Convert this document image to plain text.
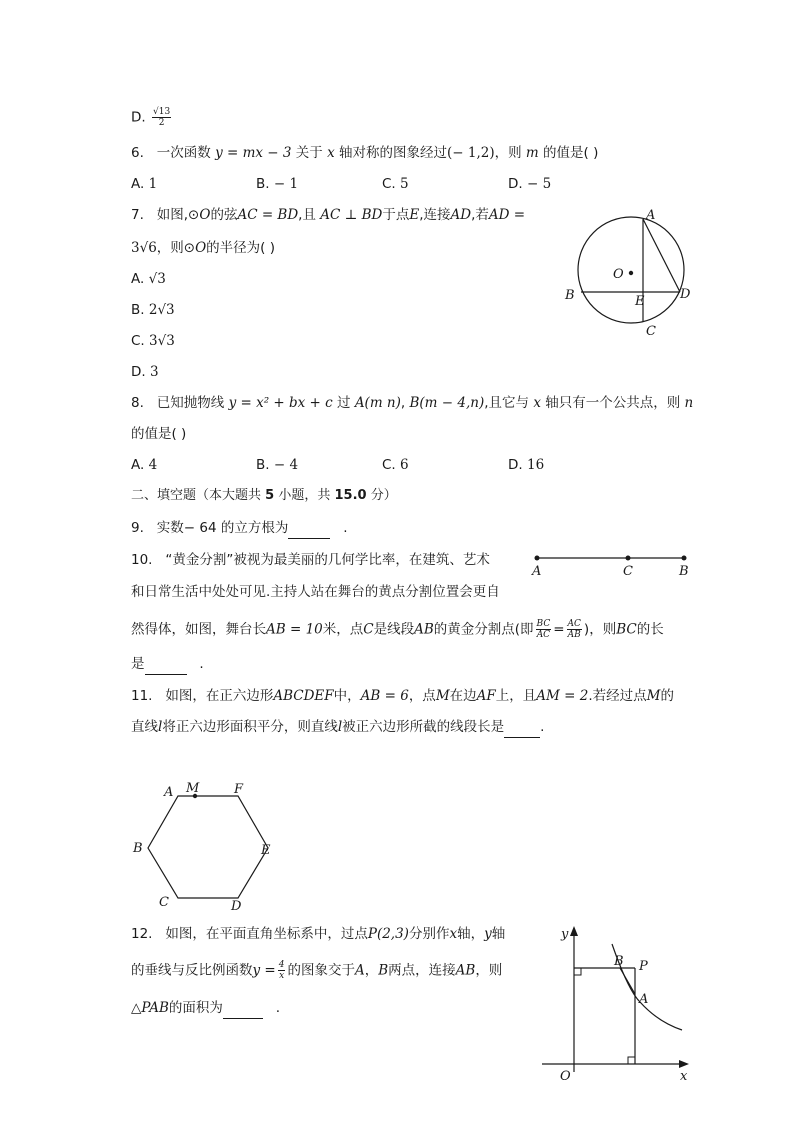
D. $\frac{√13}{2}$
6. 一次函数 y = mx − 3 关于 x 轴对称的图象经过(− 1,2)，则 m 的值是( )
A. 1	B. − 1	C. 5	D. − 5
7. 如图,⊙O的弦AC = BD,且 AC ⊥ BD于点E,连接AD,若AD =
3√6，则⊙O的半径为( )
A. √3
B. 2√3
C. 3√3
D. 3
A
B
C
D
E
O
8. 已知抛物线 y = x² + bx + c 过 A(m n), B(m − 4,n),且它与 x 轴只有一个公共点，则 n
的值是( )
A. 4	B. − 4	C. 6	D. 16
二、填空题（本大题共 5 小题，共 15.0 分）
9. 实数− 64 的立方根为	.
10. “黄金分割”被视为最美丽的几何学比率，在建筑、艺术
A	C	B
和日常生活中处处可见.主持人站在舞台的黄点分割位置会更自
然得体，如图，舞台长AB = 10米，点C是线段AB的黄金分割点(即 $\frac{BC}{AC} = \frac{AC}{AB}$ )，则BC的长
是	.
11. 如图，在正六边形ABCDEF中，AB = 6，点M在边AF上，且AM = 2.若经过点M的
直线l将正六边形面积平分，则直线l被正六边形所截的线段长是	.
A M	F
B	E
C	D
12. 如图，在平面直角坐标系中，过点P(2,3)分别作x轴，y轴
的垂线与反比例函数$y = \frac{4}{x}$ 的图象交于A，B两点，连接AB，则
△PAB的面积为	.
y
x
O
B P
A
